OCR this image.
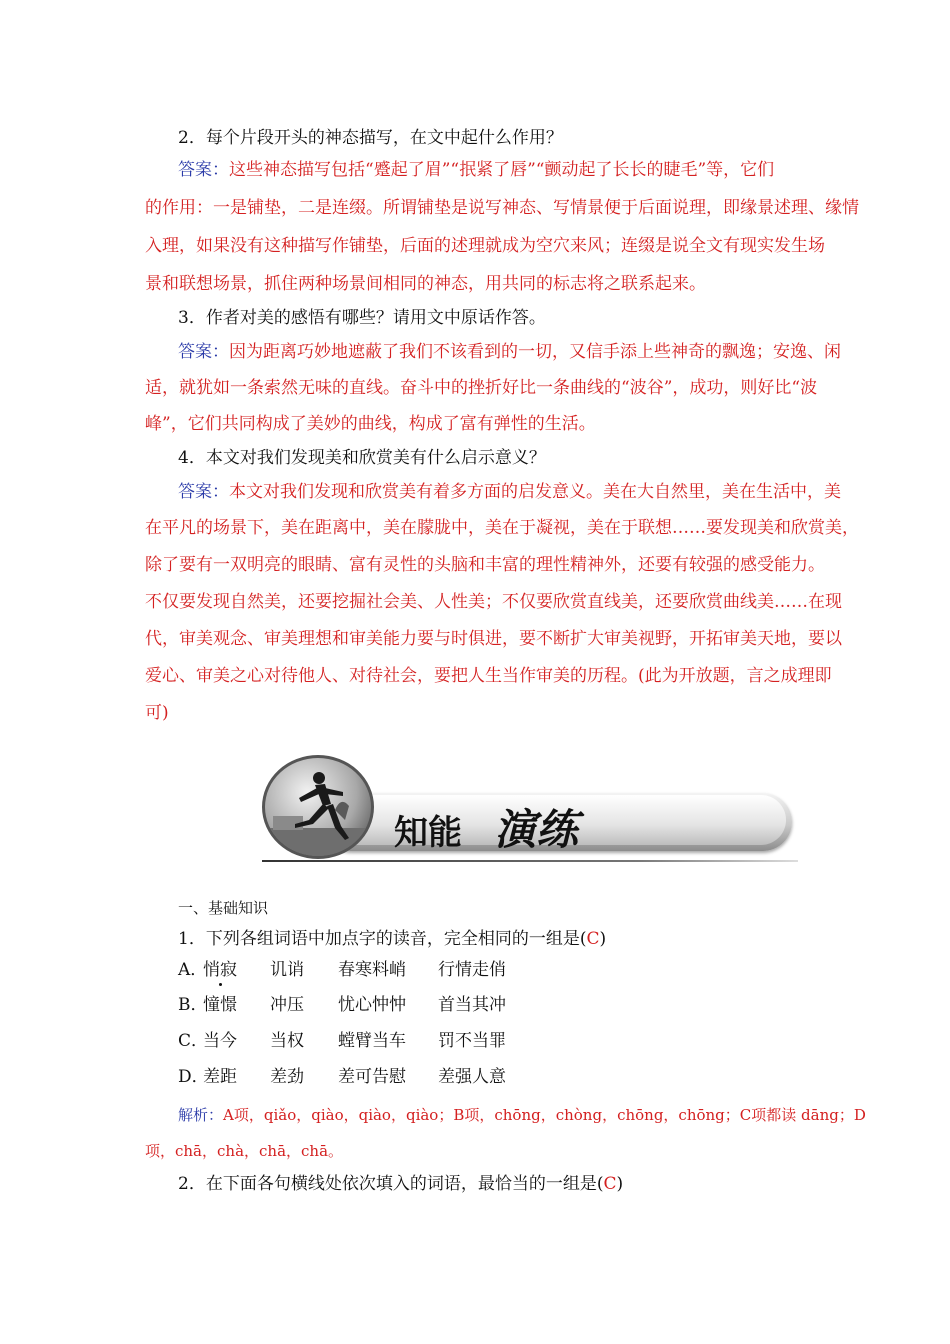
2．每个片段开头的神态描写，在文中起什么作用？
答案：这些神态描写包括“蹙起了眉”“抿紧了唇”“颤动起了长长的睫毛”等，它们
的作用：一是铺垫，二是连缀。所谓铺垫是说写神态、写情景便于后面说理，即缘景述理、缘情
入理，如果没有这种描写作铺垫，后面的述理就成为空穴来风；连缀是说全文有现实发生场
景和联想场景，抓住两种场景间相同的神态，用共同的标志将之联系起来。
3．作者对美的感悟有哪些？请用文中原话作答。
答案：因为距离巧妙地遮蔽了我们不该看到的一切，又信手添上些神奇的飘逸；安逸、闲
适，就犹如一条索然无味的直线。奋斗中的挫折好比一条曲线的“波谷”，成功，则好比“波
峰”，它们共同构成了美妙的曲线，构成了富有弹性的生活。
4．本文对我们发现美和欣赏美有什么启示意义？
答案：本文对我们发现和欣赏美有着多方面的启发意义。美在大自然里，美在生活中，美
在平凡的场景下，美在距离中，美在朦胧中，美在于凝视，美在于联想……要发现美和欣赏美，
除了要有一双明亮的眼睛、富有灵性的头脑和丰富的理性精神外，还要有较强的感受能力。
不仅要发现自然美，还要挖掘社会美、人性美；不仅要欣赏直线美，还要欣赏曲线美……在现
代，审美观念、审美理想和审美能力要与时俱进，要不断扩大审美视野，开拓审美天地，要以
爱心、审美之心对待他人、对待社会，要把人生当作审美的历程。(此为开放题，言之成理即
可)
知能 演练
一、基础知识
1．下列各组词语中加点字的读音，完全相同的一组是(C)
A．
悄寂 讥诮 春寒料峭 行情走俏
B．
憧憬 冲压 忧心忡忡 首当其冲
C．
当今 当权 螳臂当车 罚不当罪
D．
差距 差劲 差可告慰 差强人意
解析：A项，qiǎo，qiào，qiào，qiào；B项，chōng，chòng，chōng，chōng；C项都读 dāng；D
项，chā，chà，chā，chā。
2．在下面各句横线处依次填入的词语，最恰当的一组是(C)
